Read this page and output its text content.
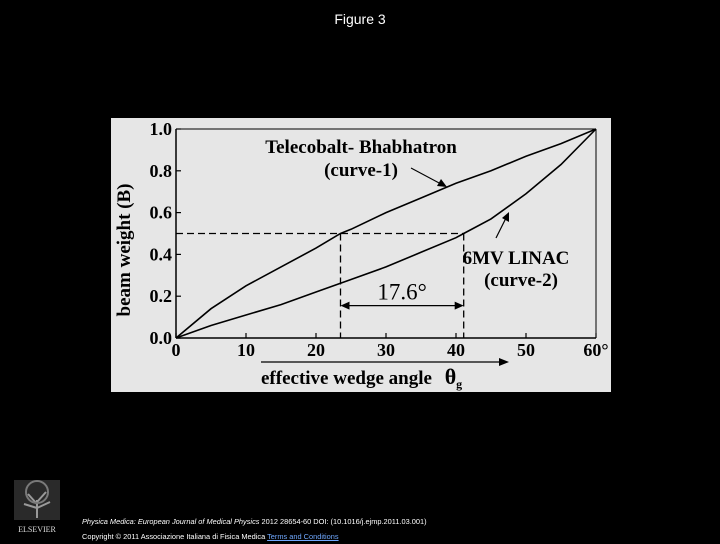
Figure 3
0	10	20	30	40	50	60°
0.0
0.2
0.4
0.6
0.8
1.0
17.6°
Telecobalt- Bhabhatron
(curve-1)
6MV LINAC
(curve-2)
beam weight (B)
effective wedge angle $\theta_g$
ELSEVIER
Physica Medica: European Journal of Medical Physics 2012 28654-60 DOI: (10.1016/j.ejmp.2011.03.001)
Copyright © 2011 Associazione Italiana di Fisica Medica Terms and Conditions
